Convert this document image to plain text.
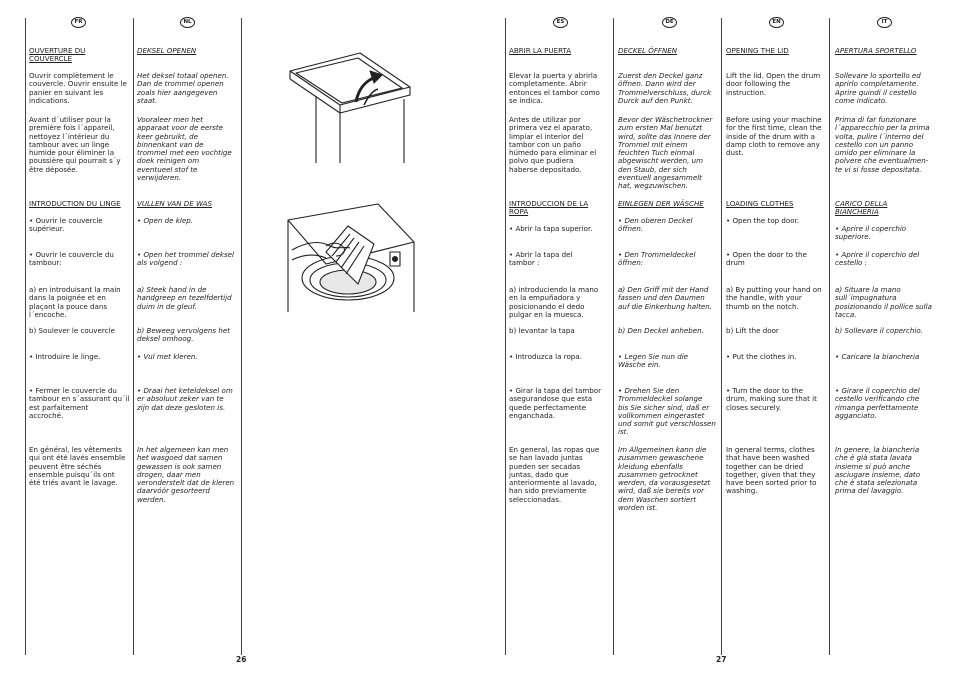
FR	NL	ES	DE	EN	IT
OUVERTURE DU
COUVERCLE
Ouvrir complètement le
couvercle. Ouvrir ensuite le
panier en suivant les
indications.
Avant d´utiliser pour la
première fois l´appareil,
nettoyez l´intérieur du
tambour avec un linge
humide pour éliminer la
poussière qui pourrait s´y
être déposée.
INTRODUCTION DU LINGE
• Ouvrir le couvercle
supérieur.
• Ouvrir le couvercle du
tambour:
a) en introduisant la main
dans la poignée et en
plaçant la pouce dans
l´encoche.
b) Soulever le couvercle
• Introduire le linge.
• Fermer le couvercle du
tambour en s´assurant qu´il
est parfaitement
accroché.
En général, les vêtements
qui ont été lavés ensemble
peuvent être séchés
ensemble puisqu´ils ont
été triés avant le lavage.
DEKSEL OPENEN
Het deksel totaal openen.
Dan de trommel openen
zoals hier aangegeven
staat.
Vooraleer men het
apparaat voor de eerste
keer gebruikt, de
binnenkant van de
trommel met een vochtige
doek reinigen om
eventueel stof te
verwijderen.
VULLEN VAN DE WAS
• Open de klep.
• Open het trommel deksel
als volgend :
a) Steek hand in de
handgreep en tezelfdertijd
duim in de gleuf.
b) Beweeg vervolgens het
deksel omhoog.
• Vul met kleren.
• Draai het keteldeksel om
er absoluut zeker van te
zijn dat deze gesloten is.
In het algemeen kan men
het wasgoed dat samen
gewassen is ook samen
drogen, daar men
veronderstelt dat de kleren
daarvóór gesorteerd
werden.
ABRIR LA PUERTA
Elevar la puerta y abrirla
completamente. Abrir
entonces el tambor como
se indica.
Antes de utilizar por
primera vez el aparato,
limpiar el interior del
tambor con un paño
húmedo para eliminar el
polvo que pudiera
haberse depositado.
INTRODUCCION DE LA
ROPA
• Abrir la tapa superior.
• Abrir la tapa del
tambor :
a) introduciendo la mano
en la empuñadora y
posicionando el dedo
pulgar en la muesca.
b) levantar la tapa
• Introduzca la ropa.
• Girar la tapa del tambor
asegurandose que esta
quede perfectamente
enganchada.
En general, las ropas que
se han lavado juntas
pueden ser secadas
juntas, dado que
anteriormente al lavado,
han sido previamente
seleccionadas.
DECKEL ÖFFNEN
Zuerst den Deckel ganz
öffnen. Dann wird der
Trommelverschluss, durck
Durck auf den Punkt.
Bevor der Wäschetrockner
zum ersten Mal benutzt
wird, sollte das Innere der
Trommel mit einem
feuchten Tuch einmal
abgewischt werden, um
den Staub, der sich
eventuell angesammelt
hat, wegzuwischen.
EINLEGEN DER WÄSCHE
• Den oberen Deckel
öffnen.
• Den Trommeldeckel
öffnen:
a) Den Griff mit der Hand
fassen und den Daumen
auf die Einkerbung halten.
b) Den Deckel anheben.
• Legen Sie nun die
Wäsche ein.
• Drehen Sie den
Trommeldeckel solange
bis Sie sicher sind, daß er
vollkommen eingerastet
und somit gut verschlossen
ist.
Im Allgemeinen kann die
zusammen gewaschene
kleidung ebenfalls
zusammen getrocknet
werden, da vorausgesetzt
wird, daß sie bereits vor
dem Waschen sortiert
worden ist.
OPENING THE LID
Lift the lid. Open the drum
door following the
instruction.
Before using your machine
for the first time, clean the
inside of the drum with a
damp cloth to remove any
dust.
LOADING CLOTHES
• Open the top door.
• Open the door to the
drum
a) By putting your hand on
the handle, with your
thumb on the notch.
b) Lift the door
• Put the clothes in.
• Turn the door to the
drum, making sure that it
closes securely.
In general terms, clothes
that have been washed
together can be dried
together, given that they
have been sorted prior to
washing.
APERTURA SPORTELLO
Sollevare lo sportello ed
aprirlo completamente.
Aprire quindi il cestello
come indicato.
Prima di far funzionare
l´apparecchio per la prima
volta, pulire l´interno del
cestello con un panno
umido per eliminare la
polvere che eventualmen-
te vi si fosse depositata.
CARICO DELLA
BIANCHERIA
• Aprire il coperchio
superiore.
• Aprire il coperchio del
cestello :
a) Situare la mano
sull´impugnatura
posizionando il pollice sulla
tacca.
b) Sollevare il coperchio.
• Caricare la biancheria
• Girare il coperchio del
cestello verificando che
rimanga perfettamente
agganciato.
In genere, la biancheria
che è già stata lavata
insieme si può anche
asciugare insieme, dato
che è stata selezionata
prima del lavaggio.
26	27
